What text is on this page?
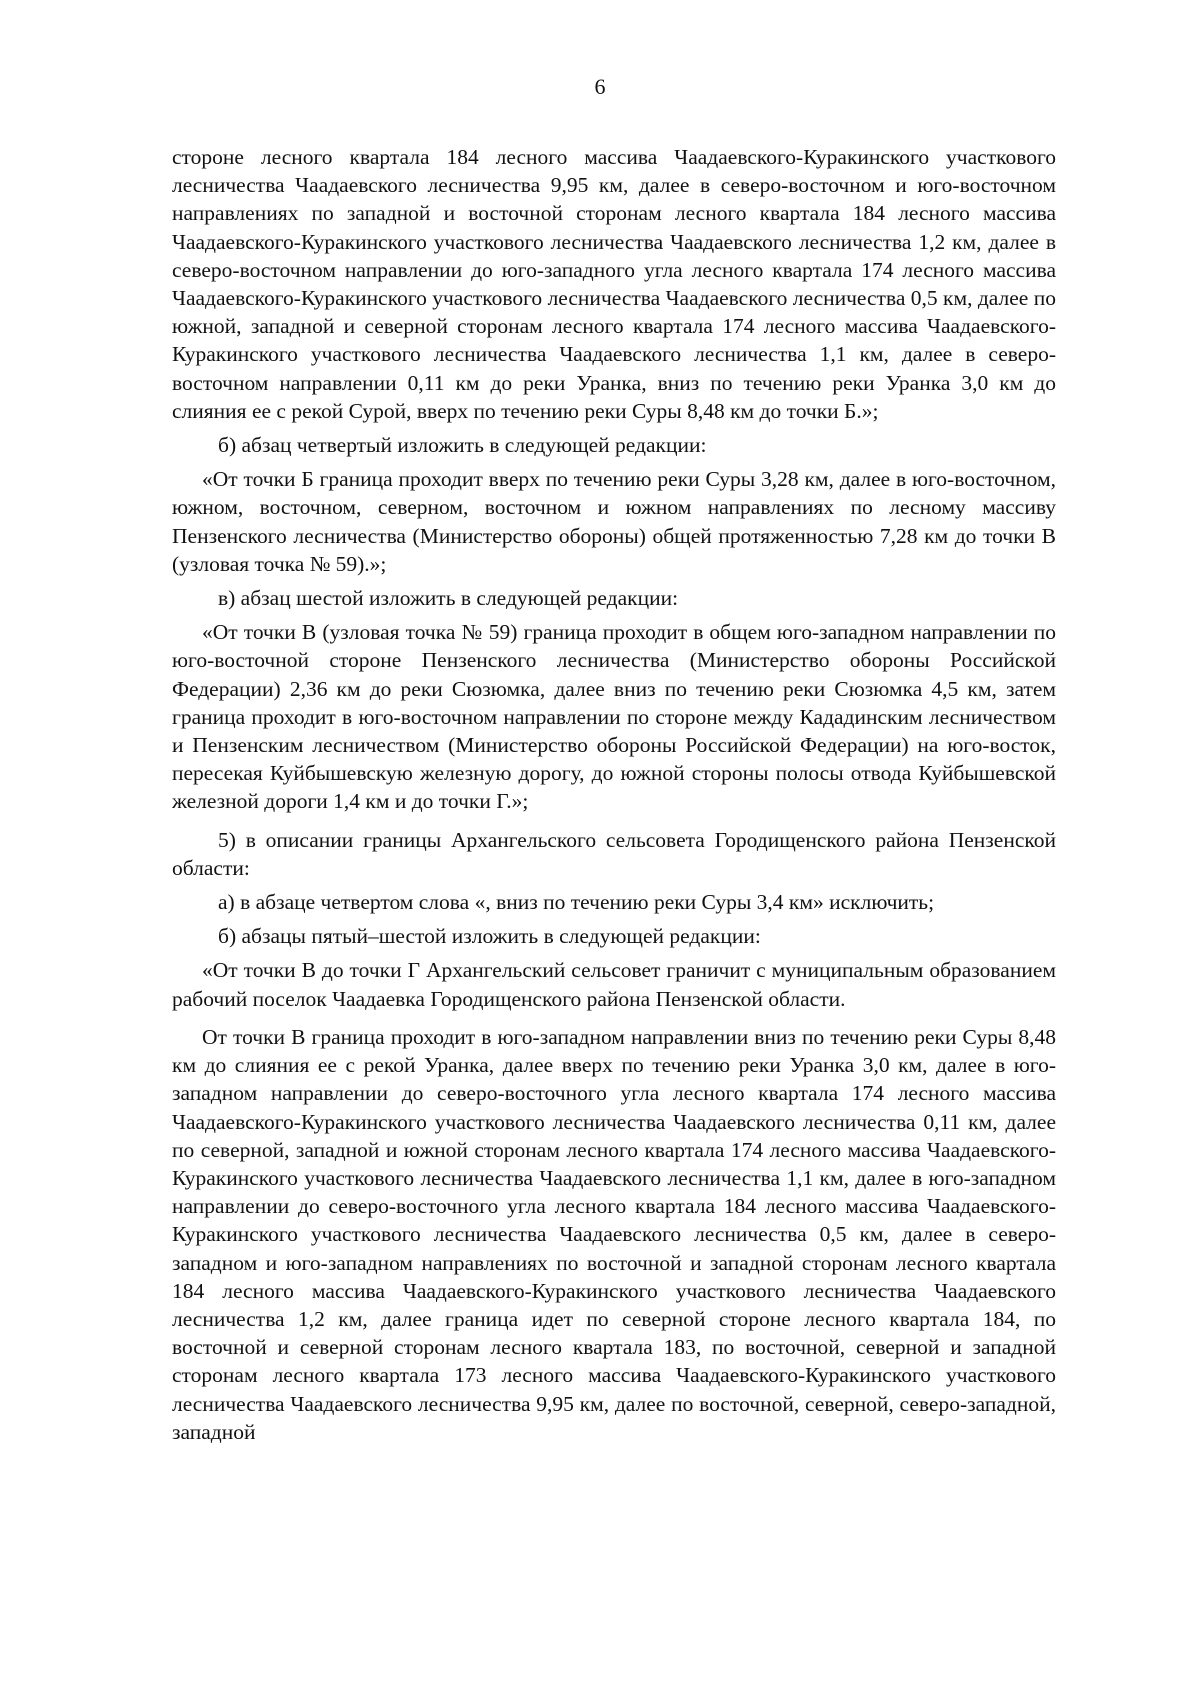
6

стороне лесного квартала 184 лесного массива Чаадаевского-Куракинского участкового лесничества Чаадаевского лесничества 9,95 км, далее в северо-восточном и юго-восточном направлениях по западной и восточной сторонам лесного квартала 184 лесного массива Чаадаевского-Куракинского участкового лесничества Чаадаевского лесничества 1,2 км, далее в северо-восточном направлении до юго-западного угла лесного квартала 174 лесного массива Чаадаевского-Куракинского участкового лесничества Чаадаевского лесничества 0,5 км, далее по южной, западной и северной сторонам лесного квартала 174 лесного массива Чаадаевского-Куракинского участкового лесничества Чаадаевского лесничества 1,1 км, далее в северо-восточном направлении 0,11 км до реки Уранка, вниз по течению реки Уранка 3,0 км до слияния ее с рекой Сурой, вверх по течению реки Суры 8,48 км до точки Б.»;

б) абзац четвертый изложить в следующей редакции:

«От точки Б граница проходит вверх по течению реки Суры 3,28 км, далее в юго-восточном, южном, восточном, северном, восточном и южном направлениях по лесному массиву Пензенского лесничества (Министерство обороны) общей протяженностью 7,28 км до точки В (узловая точка № 59).»;

в) абзац шестой изложить в следующей редакции:

«От точки В (узловая точка № 59) граница проходит в общем юго-западном направлении по юго-восточной стороне Пензенского лесничества (Министерство обороны Российской Федерации) 2,36 км до реки Сюзюмка, далее вниз по течению реки Сюзюмка 4,5 км, затем граница проходит в юго-восточном направлении по стороне между Кададинским лесничеством и Пензенским лесничеством (Министерство обороны Российской Федерации) на юго-восток, пересекая Куйбышевскую железную дорогу, до южной стороны полосы отвода Куйбышевской железной дороги 1,4 км и до точки Г.»;

5) в описании границы Архангельского сельсовета Городищенского района Пензенской области:

а) в абзаце четвертом слова «, вниз по течению реки Суры 3,4 км» исключить;

б) абзацы пятый–шестой изложить в следующей редакции:

«От точки В до точки Г Архангельский сельсовет граничит с муниципальным образованием рабочий поселок Чаадаевка Городищенского района Пензенской области.

От точки В граница проходит в юго-западном направлении вниз по течению реки Суры 8,48 км до слияния ее с рекой Уранка, далее вверх по течению реки Уранка 3,0 км, далее в юго-западном направлении до северо-восточного угла лесного квартала 174 лесного массива Чаадаевского-Куракинского участкового лесничества Чаадаевского лесничества 0,11 км, далее по северной, западной и южной сторонам лесного квартала 174 лесного массива Чаадаевского-Куракинского участкового лесничества Чаадаевского лесничества 1,1 км, далее в юго-западном направлении до северо-восточного угла лесного квартала 184 лесного массива Чаадаевского-Куракинского участкового лесничества Чаадаевского лесничества 0,5 км, далее в северо-западном и юго-западном направлениях по восточной и западной сторонам лесного квартала 184 лесного массива Чаадаевского-Куракинского участкового лесничества Чаадаевского лесничества 1,2 км, далее граница идет по северной стороне лесного квартала 184, по восточной и северной сторонам лесного квартала 183, по восточной, северной и западной сторонам лесного квартала 173 лесного массива Чаадаевского-Куракинского участкового лесничества Чаадаевского лесничества 9,95 км, далее по восточной, северной, северо-западной, западной
